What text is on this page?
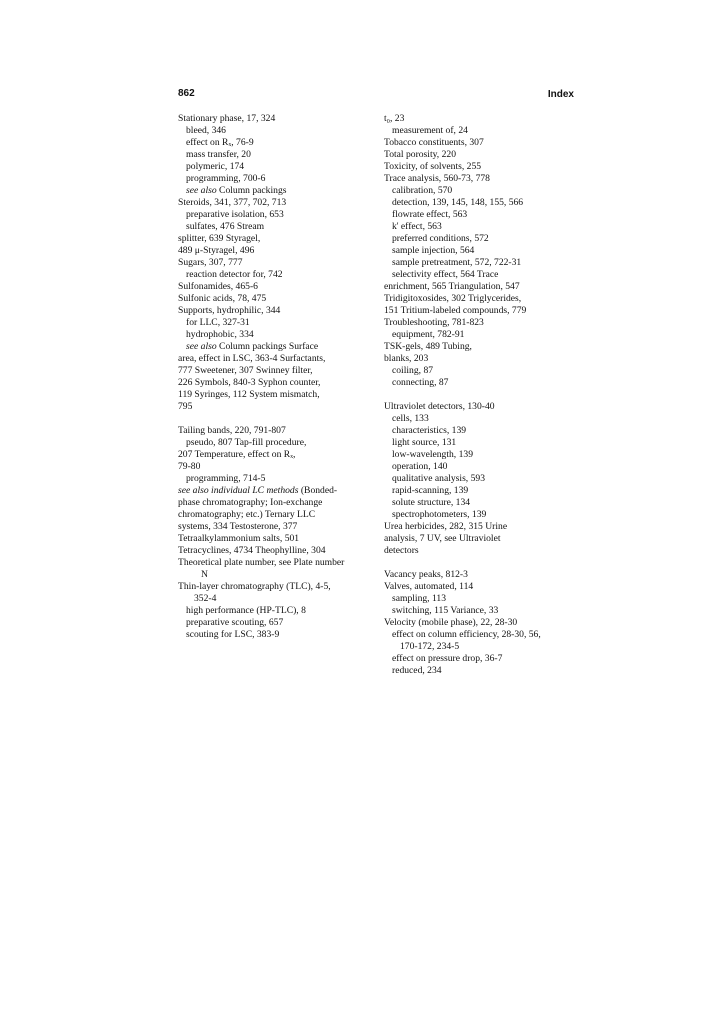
862	Index
Stationary phase, 17, 324
bleed, 346
effect on Rₓ, 76-9
mass transfer, 20
polymeric, 174
programming, 700-6
see also Column packings
Steroids, 341, 377, 702, 713
preparative isolation, 653
sulfates, 476 Stream
splitter, 639 Styragel,
489 μ-Styragel, 496
Sugars, 307, 777
reaction detector for, 742
Sulfonamides, 465-6
Sulfonic acids, 78, 475
Supports, hydrophilic, 344
for LLC, 327-31
hydrophobic, 334
see also Column packings Surface
area, effect in LSC, 363-4 Surfactants,
777 Sweetener, 307 Swinney filter,
226 Symbols, 840-3 Syphon counter,
119 Syringes, 112 System mismatch,
795
Tailing bands, 220, 791-807
pseudo, 807 Tap-fill procedure,
207 Temperature, effect on Rₓ,
79-80
programming, 714-5
see also individual LC methods (Bonded-
phase chromatography; Ion-exchange
chromatography; etc.) Ternary LLC
systems, 334 Testosterone, 377
Tetraalkylammonium salts, 501
Tetracyclines, 4734 Theophylline, 304
Theoretical plate number, see Plate number
N
Thin-layer chromatography (TLC), 4-5,
352-4
high performance (HP-TLC), 8
preparative scouting, 657
scouting for LSC, 383-9
t₀, 23
measurement of, 24
Tobacco constituents, 307
Total porosity, 220
Toxicity, of solvents, 255
Trace analysis, 560-73, 778
calibration, 570
detection, 139, 145, 148, 155, 566
flowrate effect, 563
k' effect, 563
preferred conditions, 572
sample injection, 564
sample pretreatment, 572, 722-31
selectivity effect, 564 Trace
enrichment, 565 Triangulation, 547
Tridigitoxosides, 302 Triglycerides,
151 Tritium-labeled compounds, 779
Troubleshooting, 781-823
equipment, 782-91
TSK-gels, 489 Tubing,
blanks, 203
coiling, 87
connecting, 87
Ultraviolet detectors, 130-40
cells, 133
characteristics, 139
light source, 131
low-wavelength, 139
operation, 140
qualitative analysis, 593
rapid-scanning, 139
solute structure, 134
spectrophotometers, 139
Urea herbicides, 282, 315 Urine
analysis, 7 UV, see Ultraviolet
detectors
Vacancy peaks, 812-3
Valves, automated, 114
sampling, 113
switching, 115 Variance, 33
Velocity (mobile phase), 22, 28-30
effect on column efficiency, 28-30, 56,
170-172, 234-5
effect on pressure drop, 36-7
reduced, 234
